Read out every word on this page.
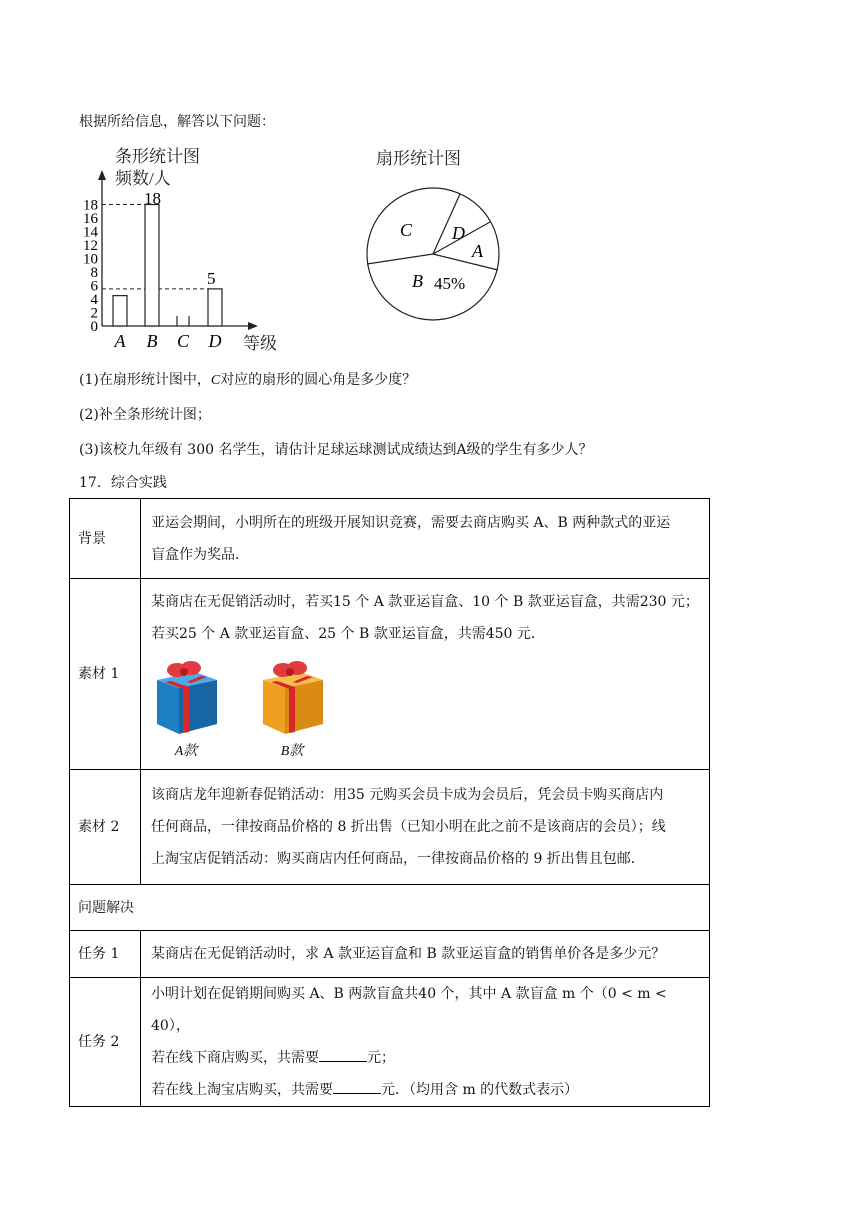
根据所给信息，解答以下问题：
条形统计图
频数/人
0
2
4
6
8
10
12
14
16
18	18
5
A B C D 等级
扇形统计图
C D
A
B 45%
(1)在扇形统计图中，C对应的扇形的圆心角是多少度？
(2)补全条形统计图；
(3)该校九年级有 300 名学生，请估计足球运球测试成绩达到A级的学生有多少人？
17．综合实践
背景	亚运会期间，小明所在的班级开展知识竞赛，需要去商店购买 A、B 两种款式的亚运
盲盒作为奖品．

素材 1	某商店在无促销活动时，若买15 个 A 款亚运盲盒、10 个 B 款亚运盲盒，共需230 元；
若买25 个 A 款亚运盲盒、25 个 B 款亚运盲盒，共需450 元．
A款 B款

素材 2	该商店龙年迎新春促销活动：用35 元购买会员卡成为会员后，凭会员卡购买商店内
任何商品，一律按商品价格的 8 折出售（已知小明在此之前不是该商店的会员）；线
上淘宝店促销活动：购买商店内任何商品，一律按商品价格的 9 折出售且包邮．

问题解决	
任务 1	某商店在无促销活动时，求 A 款亚运盲盒和 B 款亚运盲盒的销售单价各是多少元？
任务 2	小明计划在促销期间购买 A、B 两款盲盒共40 个，其中 A 款盲盒 m 个（0 < m < 40），
若在线下商店购买，共需要 元；
若在线上淘宝店购买，共需要 元．（均用含 m 的代数式表示）
